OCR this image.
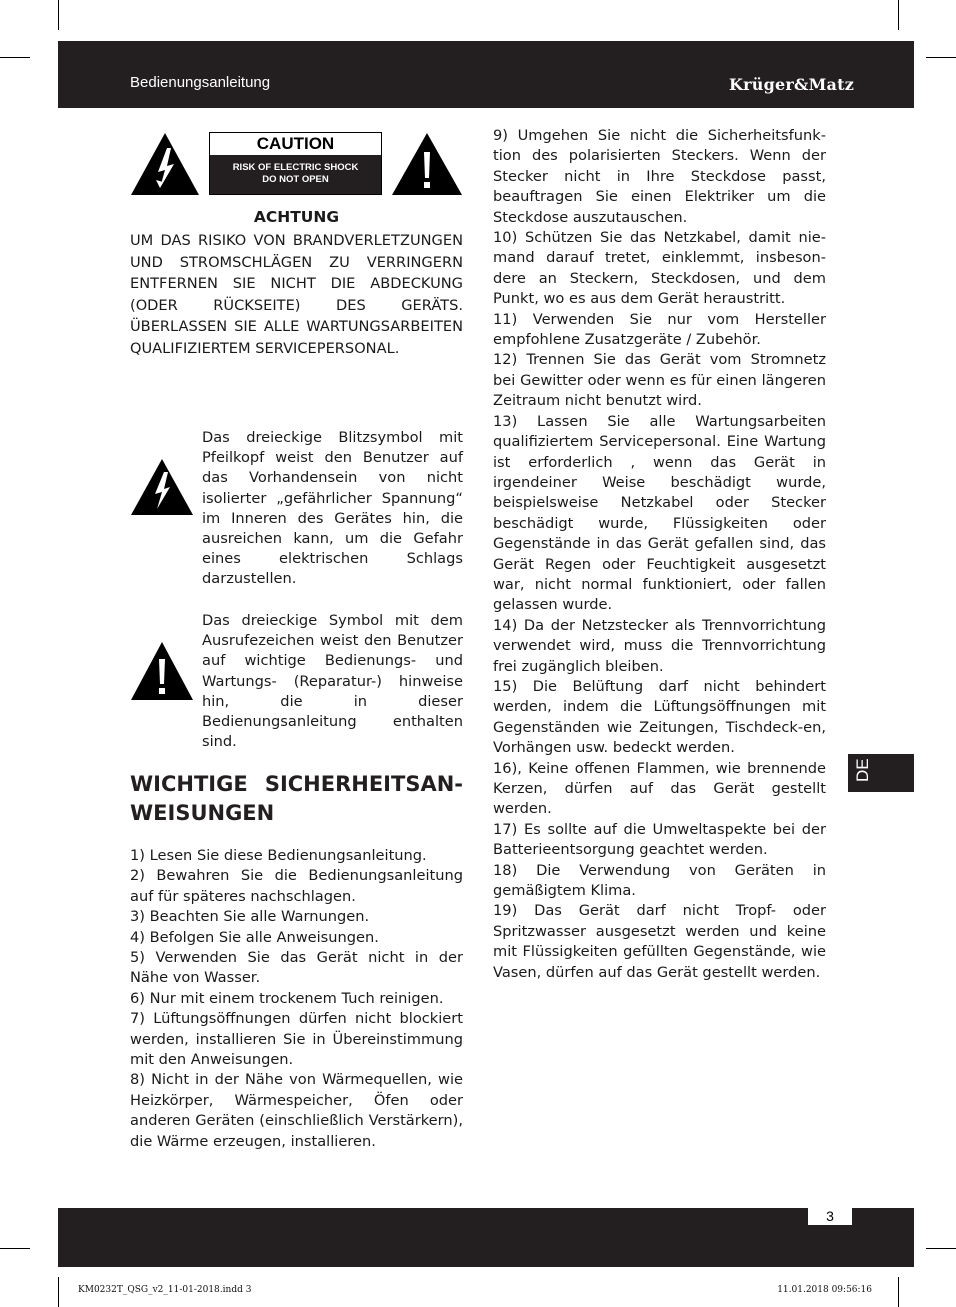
Bedienungsanleitung	Krüger&Matz
CAUTION
RISK OF ELECTRIC SHOCK
DO NOT OPEN
ACHTUNG

UM DAS RISIKO VON BRANDVERLETZUNGEN UND STROMSCHLÄGEN ZU VERRINGERN ENTFERNEN SIE NICHT DIE ABDECKUNG (ODER RÜCKSEITE) DES GERÄTS. ÜBERLASSEN SIE ALLE WARTUNGSARBEITEN QUALIFIZIERTEM SERVICEPERSONAL.

Das dreieckige Blitzsymbol mit Pfeilkopf weist den Benutzer auf das Vorhandensein von nicht isolierter „gefährlicher Spannung“ im Inneren des Gerätes hin, die ausreichen kann, um die Gefahr eines elektrischen Schlags darzustellen.

Das dreieckige Symbol mit dem Ausrufezeichen weist den Benutzer auf wichtige Bedienungs- und Wartungs- (Reparatur-) hinweise hin, die in dieser Bedienungsanleitung enthalten sind.

WICHTIGE SICHERHEITSAN-WEISUNGEN

1) Lesen Sie diese Bedienungsanleitung.

2) Bewahren Sie die Bedienungsanleitung auf für späteres nachschlagen.

3) Beachten Sie alle Warnungen.

4) Befolgen Sie alle Anweisungen.

5) Verwenden Sie das Gerät nicht in der Nähe von Wasser.

6) Nur mit einem trockenem Tuch reinigen.

7) Lüftungsöffnungen dürfen nicht blockiert werden, installieren Sie in Übereinstimmung mit den Anweisungen.

8) Nicht in der Nähe von Wärmequellen, wie Heizkörper, Wärmespeicher, Öfen oder anderen Geräten (einschließlich Verstärkern), die Wärme erzeugen, installieren.

9) Umgehen Sie nicht die Sicherheitsfunk-tion des polarisierten Steckers. Wenn der Stecker nicht in Ihre Steckdose passt, beauftragen Sie einen Elektriker um die Steckdose auszutauschen.

10) Schützen Sie das Netzkabel, damit nie-mand darauf tretet, einklemmt, insbeson-dere an Steckern, Steckdosen, und dem Punkt, wo es aus dem Gerät heraustritt.

11) Verwenden Sie nur vom Hersteller empfohlene Zusatzgeräte / Zubehör.

12) Trennen Sie das Gerät vom Stromnetz bei Gewitter oder wenn es für einen längeren Zeitraum nicht benutzt wird.

13) Lassen Sie alle Wartungsarbeiten qualifiziertem Servicepersonal. Eine Wartung ist erforderlich , wenn das Gerät in irgendeiner Weise beschädigt wurde, beispielsweise Netzkabel oder Stecker beschädigt wurde, Flüssigkeiten oder Gegenstände in das Gerät gefallen sind, das Gerät Regen oder Feuchtigkeit ausgesetzt war, nicht normal funktioniert, oder fallen gelassen wurde.

14) Da der Netzstecker als Trennvorrichtung verwendet wird, muss die Trennvorrichtung frei zugänglich bleiben.

15) Die Belüftung darf nicht behindert werden, indem die Lüftungsöffnungen mit Gegenständen wie Zeitungen, Tischdeck-en, Vorhängen usw. bedeckt werden.

16), Keine offenen Flammen, wie brennende Kerzen, dürfen auf das Gerät gestellt werden.

17) Es sollte auf die Umweltaspekte bei der Batterieentsorgung geachtet werden.

18) Die Verwendung von Geräten in gemäßigtem Klima.

19) Das Gerät darf nicht Tropf- oder Spritzwasser ausgesetzt werden und keine mit Flüssigkeiten gefüllten Gegenstände, wie Vasen, dürfen auf das Gerät gestellt werden.

DE
3
KM0232T_QSG_v2_11-01-2018.indd 3	11.01.2018 09:56:16
